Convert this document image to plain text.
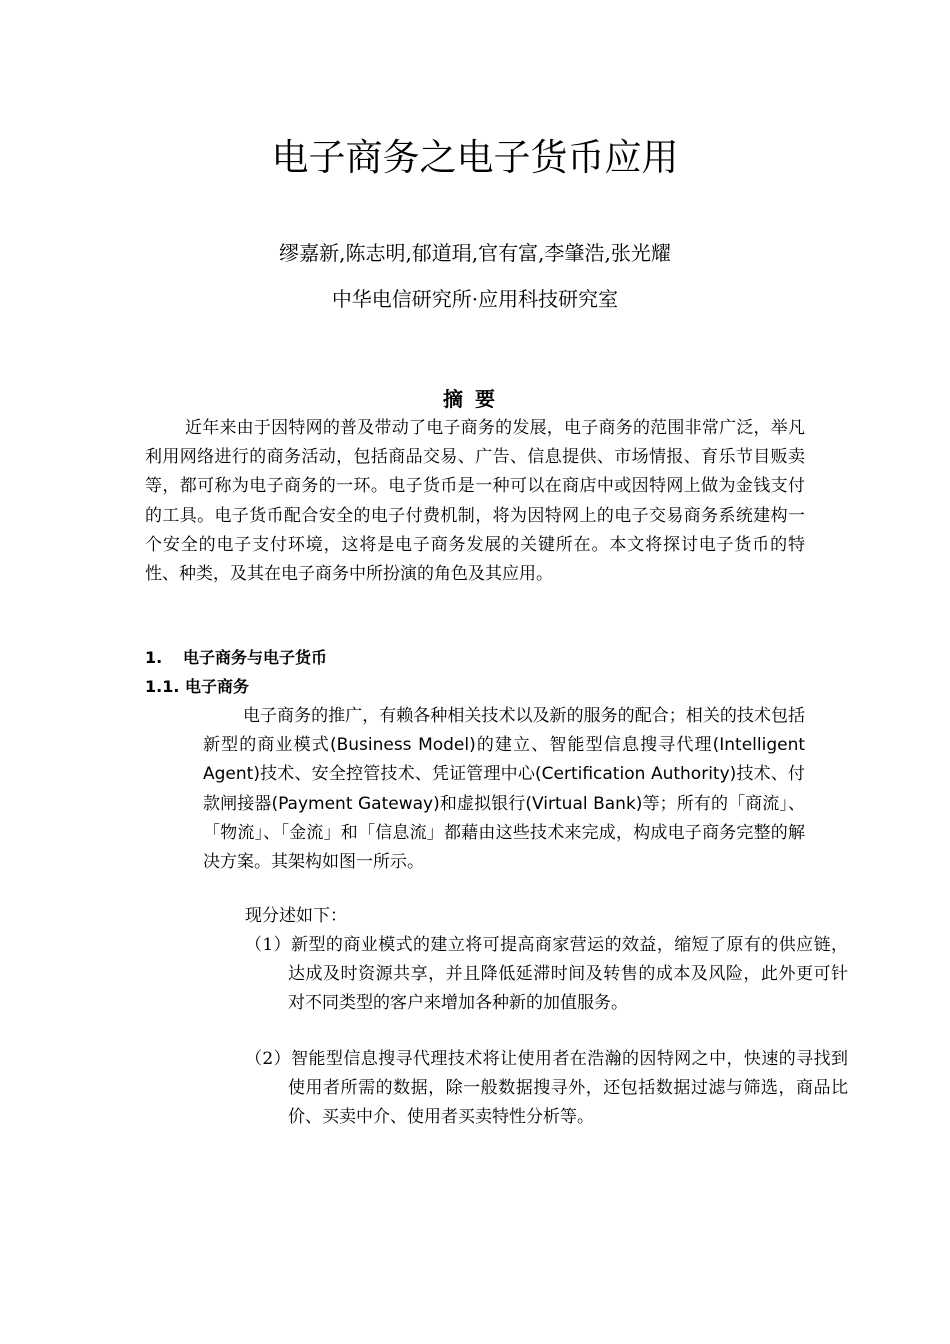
电子商务之电子货币应用
缪嘉新,陈志明,郁道琄,官有富,李肇浩,张光耀
中华电信研究所·应用科技研究室
摘要

近年来由于因特网的普及带动了电子商务的发展，电子商务的范围非常广泛，举凡利用网络进行的商务活动，包括商品交易、广告、信息提供、市场情报、育乐节目贩卖等，都可称为电子商务的一环。电子货币是一种可以在商店中或因特网上做为金钱支付的工具。电子货币配合安全的电子付费机制，将为因特网上的电子交易商务系统建构一个安全的电子支付环境，这将是电子商务发展的关键所在。本文将探讨电子货币的特性、种类，及其在电子商务中所扮演的角色及其应用。

1. 电子商务与电子货币
1.1. 电子商务

电子商务的推广，有赖各种相关技术以及新的服务的配合；相关的技术包括新型的商业模式(Business Model)的建立、智能型信息搜寻代理(Intelligent Agent)技术、安全控管技术、凭证管理中心(Certification Authority)技术、付款闸接器(Payment Gateway)和虚拟银行(Virtual Bank)等；所有的「商流」、「物流」、「金流」和「信息流」都藉由这些技术来完成，构成电子商务完整的解决方案。其架构如图一所示。

现分述如下：

（1）新型的商业模式的建立将可提高商家营运的效益，缩短了原有的供应链，达成及时资源共享，并且降低延滞时间及转售的成本及风险，此外更可针对不同类型的客户来增加各种新的加值服务。

（2）智能型信息搜寻代理技术将让使用者在浩瀚的因特网之中，快速的寻找到使用者所需的数据，除一般数据搜寻外，还包括数据过滤与筛选，商品比价、买卖中介、使用者买卖特性分析等。
